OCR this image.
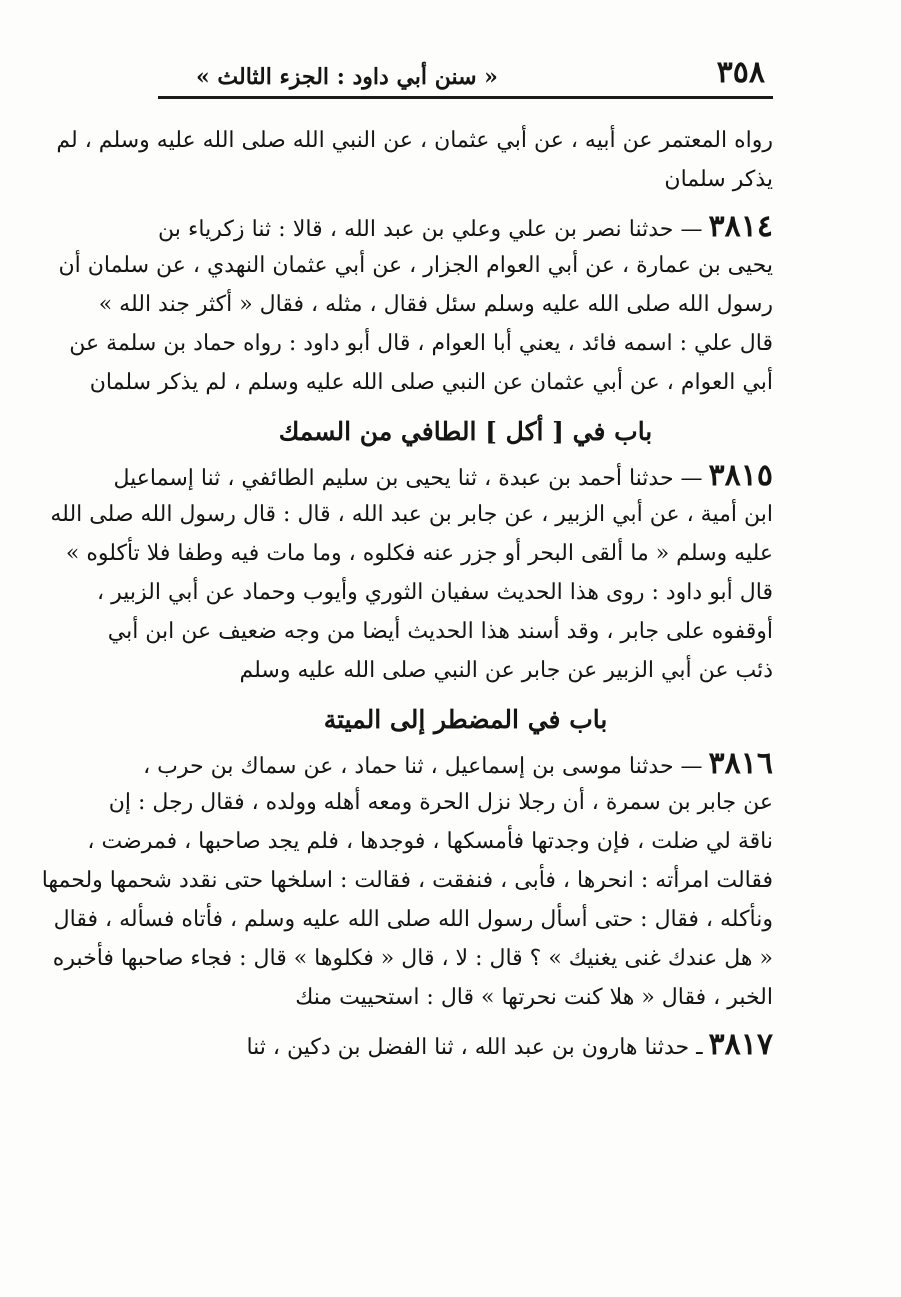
٣٥٨
« سنن أبي داود : الجزء الثالث »
رواه المعتمر عن أبيه ، عن أبي عثمان ، عن النبي الله صلى الله عليه وسلم ، لم
يذكر سلمان
٣٨١٤— حدثنا نصر بن علي وعلي بن عبد الله ، قالا : ثنا زكرياء بن
يحيى بن عمارة ، عن أبي العوام الجزار ، عن أبي عثمان النهدي ، عن سلمان أن
رسول الله صلى الله عليه وسلم سئل فقال ، مثله ، فقال « أكثر جند الله »
قال علي : اسمه فائد ، يعني أبا العوام ، قال أبو داود : رواه حماد بن سلمة عن
أبي العوام ، عن أبي عثمان عن النبي صلى الله عليه وسلم ، لم يذكر سلمان
باب في [ أكل ] الطافي من السمك
٣٨١٥— حدثنا أحمد بن عبدة ، ثنا يحيى بن سليم الطائفي ، ثنا إسماعيل
ابن أمية ، عن أبي الزبير ، عن جابر بن عبد الله ، قال : قال رسول الله صلى الله
عليه وسلم « ما ألقى البحر أو جزر عنه فكلوه ، وما مات فيه وطفا فلا تأكلوه »
قال أبو داود : روى هذا الحديث سفيان الثوري وأيوب وحماد عن أبي الزبير ،
أوقفوه على جابر ، وقد أسند هذا الحديث أيضا من وجه ضعيف عن ابن أبي
ذئب عن أبي الزبير عن جابر عن النبي صلى الله عليه وسلم
باب في المضطر إلى الميتة
٣٨١٦— حدثنا موسى بن إسماعيل ، ثنا حماد ، عن سماك بن حرب ،
عن جابر بن سمرة ، أن رجلا نزل الحرة ومعه أهله وولده ، فقال رجل : إن
ناقة لي ضلت ، فإن وجدتها فأمسكها ، فوجدها ، فلم يجد صاحبها ، فمرضت ،
فقالت امرأته : انحرها ، فأبى ، فنفقت ، فقالت : اسلخها حتى نقدد شحمها ولحمها
ونأكله ، فقال : حتى أسأل رسول الله صلى الله عليه وسلم ، فأتاه فسأله ، فقال
« هل عندك غنى يغنيك » ؟ قال : لا ، قال « فكلوها » قال : فجاء صاحبها فأخبره
الخبر ، فقال « هلا كنت نحرتها » قال : استحييت منك
٣٨١٧ـ حدثنا هارون بن عبد الله ، ثنا الفضل بن دكين ، ثنا
